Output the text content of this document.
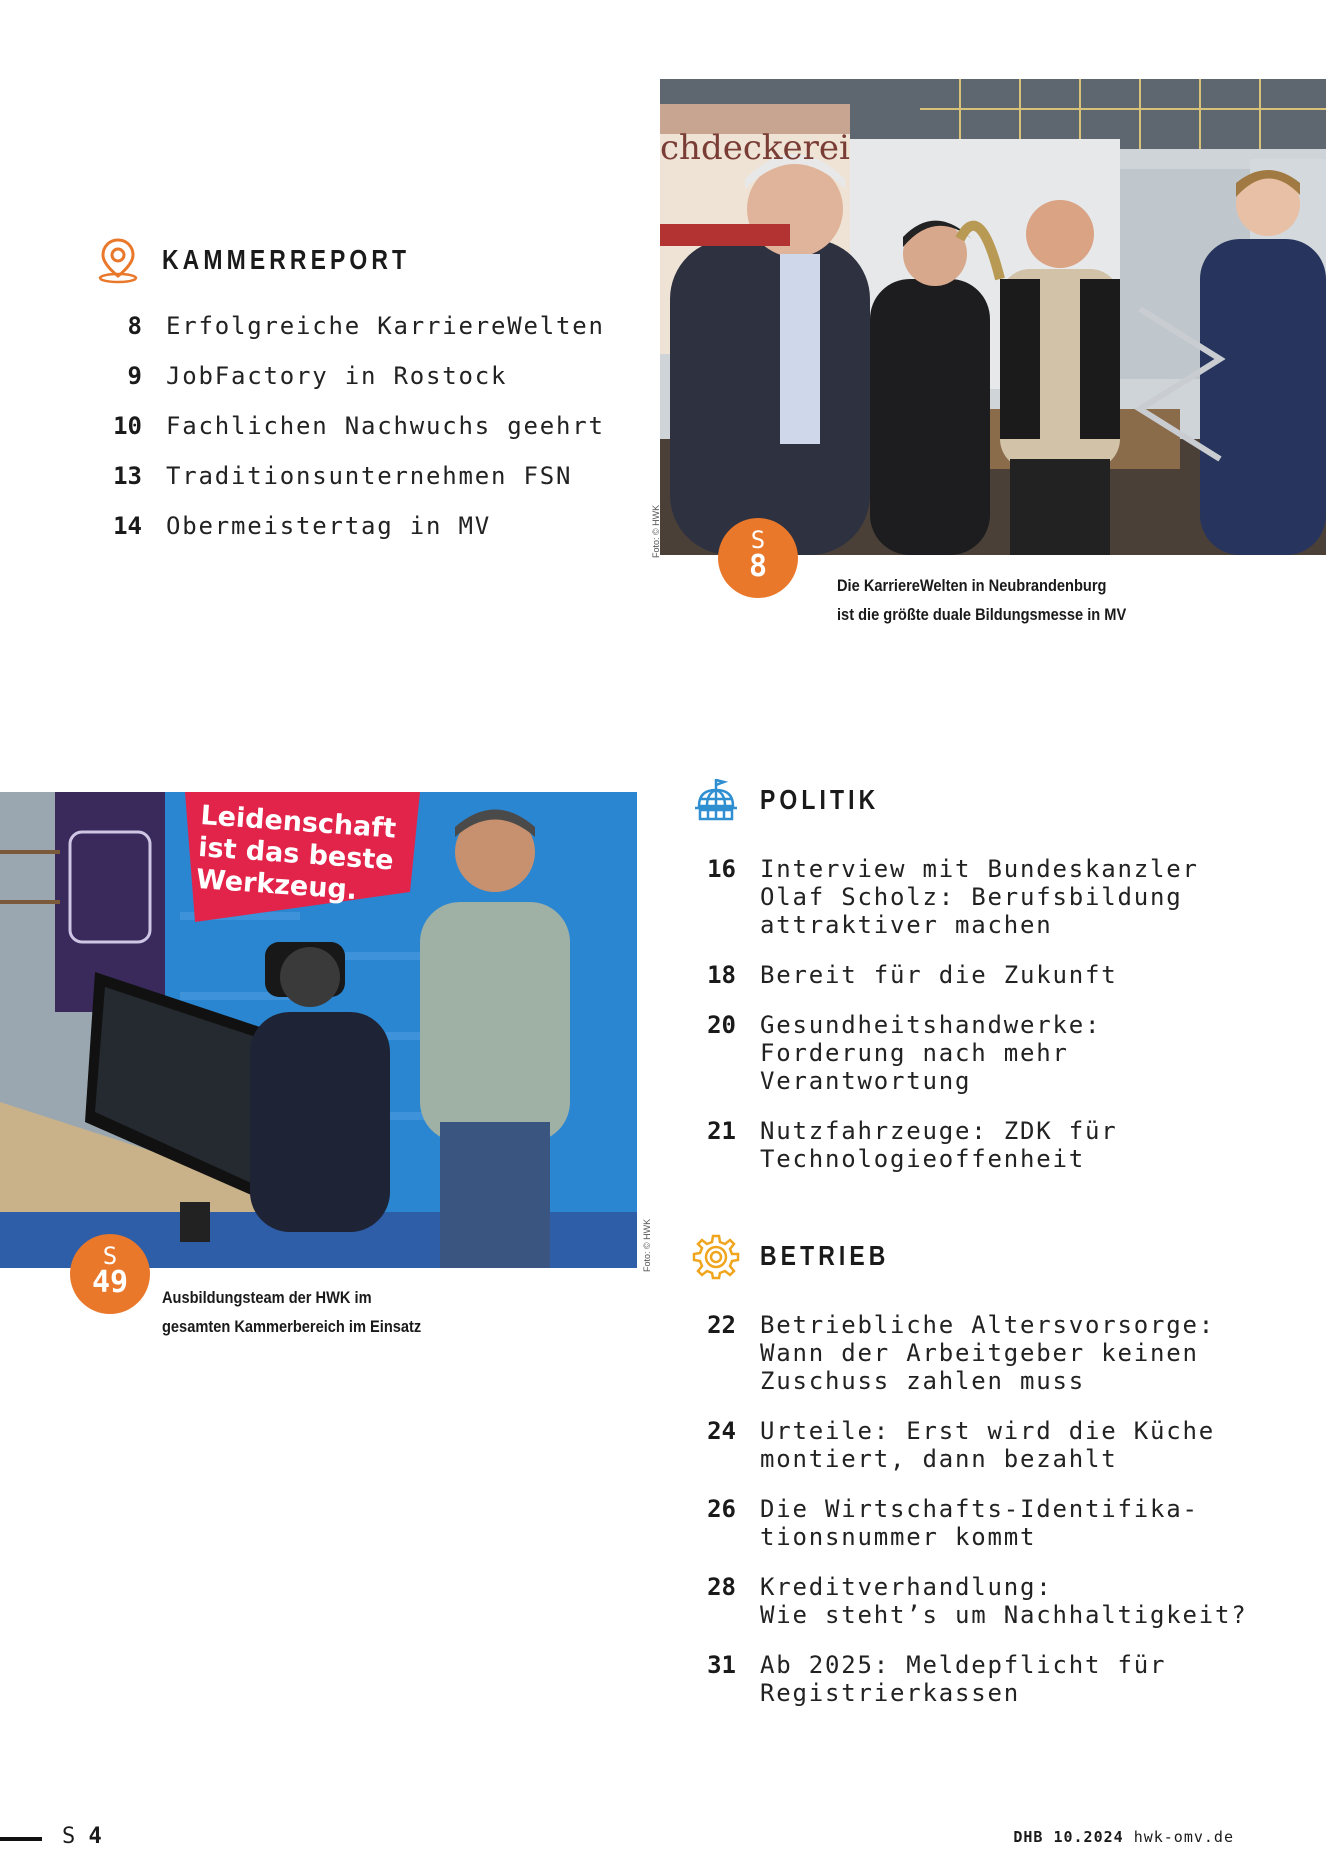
chdeckerei
Foto: © HWK	S
8
Die KarriereWelten in Neubrandenburg
ist die größte duale Bildungsmesse in MV
KAMMERREPORT
8 Erfolgreiche KarriereWelten
9 JobFactory in Rostock
10 Fachlichen Nachwuchs geehrt
13 Traditionsunternehmen FSN
14 Obermeistertag in MV
Leidenschaft ist das beste Werkzeug.
Foto: © HWK
S
49	Ausbildungsteam der HWK im
gesamten Kammerbereich im Einsatz
POLITIK
16 Interview mit Bundeskanzler
Olaf Scholz: Berufsbildung
attraktiver machen
18 Bereit für die Zukunft
20 Gesundheitshandwerke:
Forderung nach mehr
Verantwortung
21 Nutzfahrzeuge: ZDK für
Technologieoffenheit
BETRIEB
22 Betriebliche Altersvorsorge:
Wann der Arbeitgeber keinen
Zuschuss zahlen muss
24 Urteile: Erst wird die Küche
montiert, dann bezahlt
26 Die Wirtschafts-Identifika-
tionsnummer kommt
28 Kreditverhandlung:
Wie steht’s um Nachhaltigkeit?
31 Ab 2025: Meldepflicht für
Registrierkassen
S 4	DHB 10.2024 hwk-omv.de
